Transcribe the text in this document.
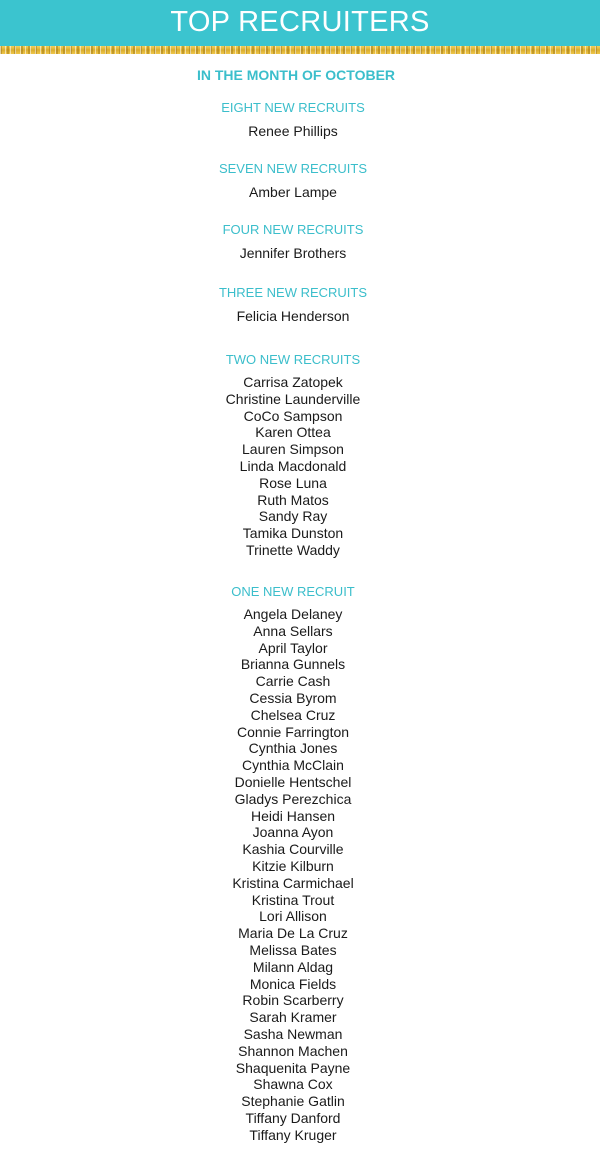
TOP RECRUITERS
IN THE MONTH OF OCTOBER
EIGHT NEW RECRUITS
Renee Phillips
SEVEN NEW RECRUITS
Amber Lampe
FOUR NEW RECRUITS
Jennifer Brothers
THREE NEW RECRUITS
Felicia Henderson
TWO NEW RECRUITS
Carrisa Zatopek
Christine Launderville
CoCo Sampson
Karen Ottea
Lauren Simpson
Linda Macdonald
Rose Luna
Ruth Matos
Sandy Ray
Tamika Dunston
Trinette Waddy
ONE NEW RECRUIT
Angela Delaney
Anna Sellars
April Taylor
Brianna Gunnels
Carrie Cash
Cessia Byrom
Chelsea Cruz
Connie Farrington
Cynthia Jones
Cynthia McClain
Donielle Hentschel
Gladys Perezchica
Heidi Hansen
Joanna Ayon
Kashia Courville
Kitzie Kilburn
Kristina Carmichael
Kristina Trout
Lori Allison
Maria De La Cruz
Melissa Bates
Milann Aldag
Monica Fields
Robin Scarberry
Sarah Kramer
Sasha Newman
Shannon Machen
Shaquenita Payne
Shawna Cox
Stephanie Gatlin
Tiffany Danford
Tiffany Kruger
